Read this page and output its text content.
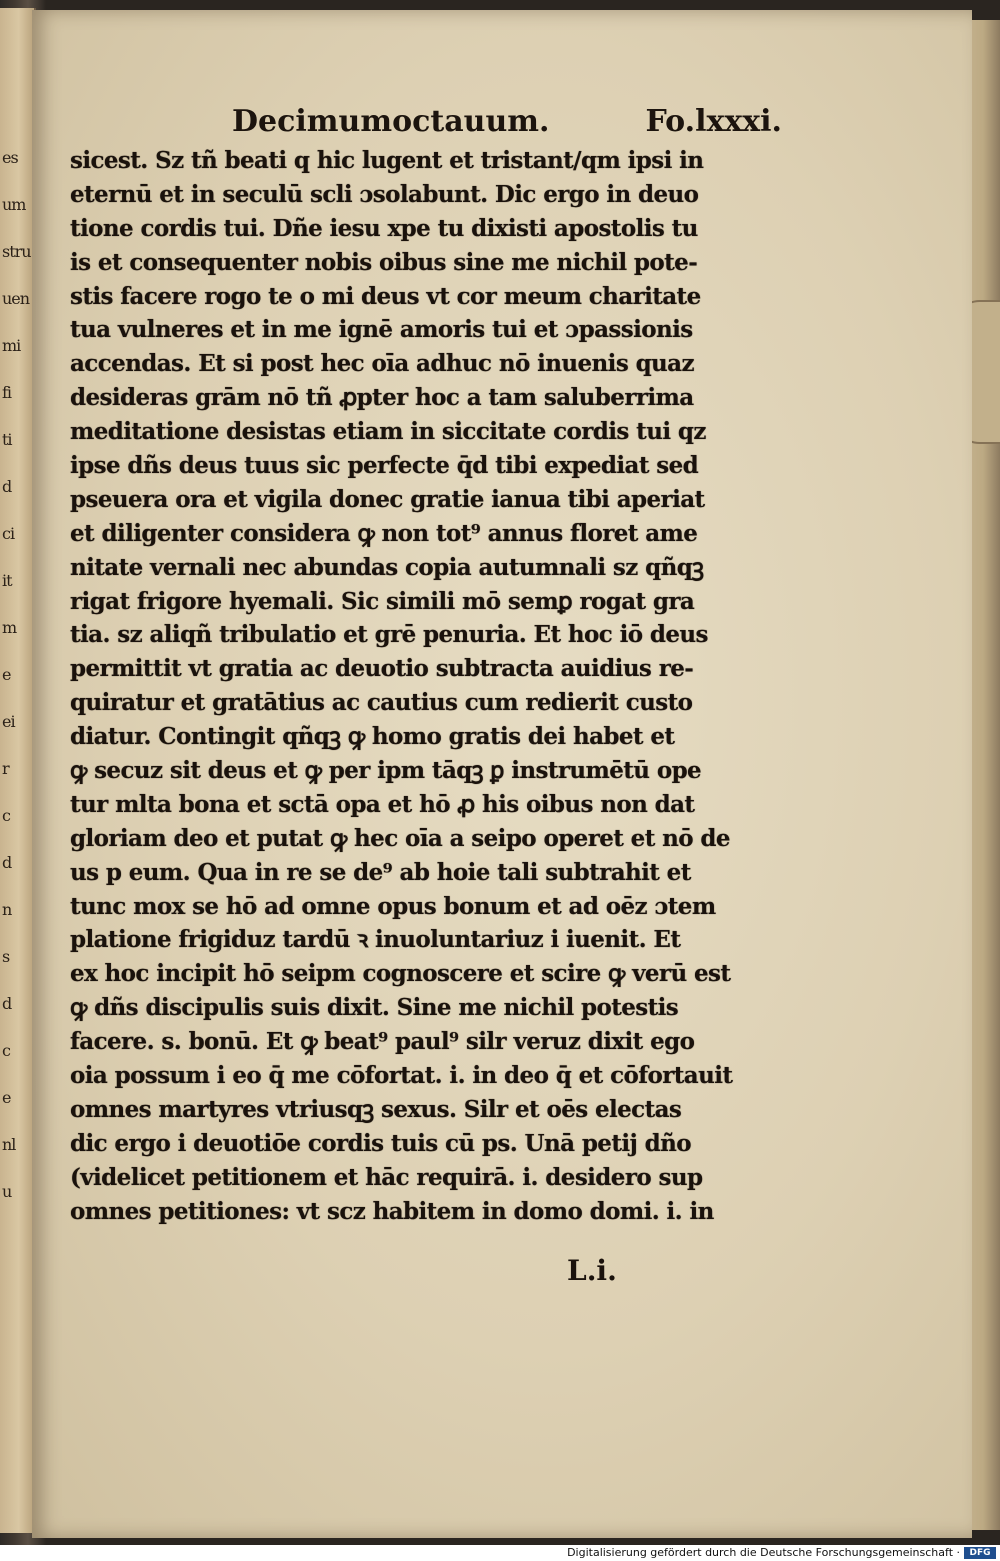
es
um
stru
uen
mi
fi
ti
d
ci
it
m
e
ei
r
c
d
n
s
d
c
e
nl
u
Decimumoctauum.	Fo.lxxxi.
sicest. Sz tñ beati q hic lugent et tristant/qm ipsi in
eternū et in seculū scli ɔsolabunt. Dic ergo in deuo
tione cordis tui. Dñe iesu xpe tu dixisti apostolis tu
is et consequenter nobis oibus sine me nichil pote-
stis facere rogo te o mi deus vt cor meum charitate
tua vulneres et in me ignē amoris tui et ɔpassionis
accendas. Et si post hec oīa adhuc nō inuenis quaz
desideras grām nō tñ ꝓpter hoc a tam saluberrima
meditatione desistas etiam in siccitate cordis tui qz
ipse dñs deus tuus sic perfecte q̄d tibi expediat sed
pseuera ora et vigila donec gratie ianua tibi aperiat
et diligenter considera ꝙ non tot⁹ annus floret ame
nitate vernali nec abundas copia autumnali sz qñqꝫ
rigat frigore hyemali. Sic simili mō semꝑ rogat gra
tia. sz aliqñ tribulatio et grē penuria. Et hoc iō deus
permittit vt gratia ac deuotio subtracta auidius re-
quiratur et gratātius ac cautius cum redierit custo
diatur. Contingit qñqꝫ ꝙ homo gratis dei habet et
ꝙ secuz sit deus et ꝙ per ipm tāqꝫ ꝑ instrumētū ope
tur mlta bona et sctā opa et hō ꝓ his oibus non dat
gloriam deo et putat ꝙ hec oīa a seipo operet et nō de
us p eum. Qua in re se de⁹ ab hoie tali subtrahit et
tunc mox se hō ad omne opus bonum et ad oēz ɔtem
platione frigiduz tardū ꝛ inuoluntariuz i iuenit. Et
ex hoc incipit hō seipm cognoscere et scire ꝙ verū est
ꝙ dñs discipulis suis dixit. Sine me nichil potestis
facere. s. bonū. Et ꝙ beat⁹ paul⁹ silr veruz dixit ego
oia possum i eo q̄ me cōfortat. i. in deo q̄ et cōfortauit
omnes martyres vtriusqꝫ sexus. Silr et oēs electas
dic ergo i deuotiōe cordis tuis cū ps. Unā petij dño
(videlicet petitionem et hāc requirā. i. desidero sup
omnes petitiones: vt scz habitem in domo domi. i. in
L.i.
Digitalisierung gefördert durch die Deutsche Forschungsgemeinschaft ·	DFG
